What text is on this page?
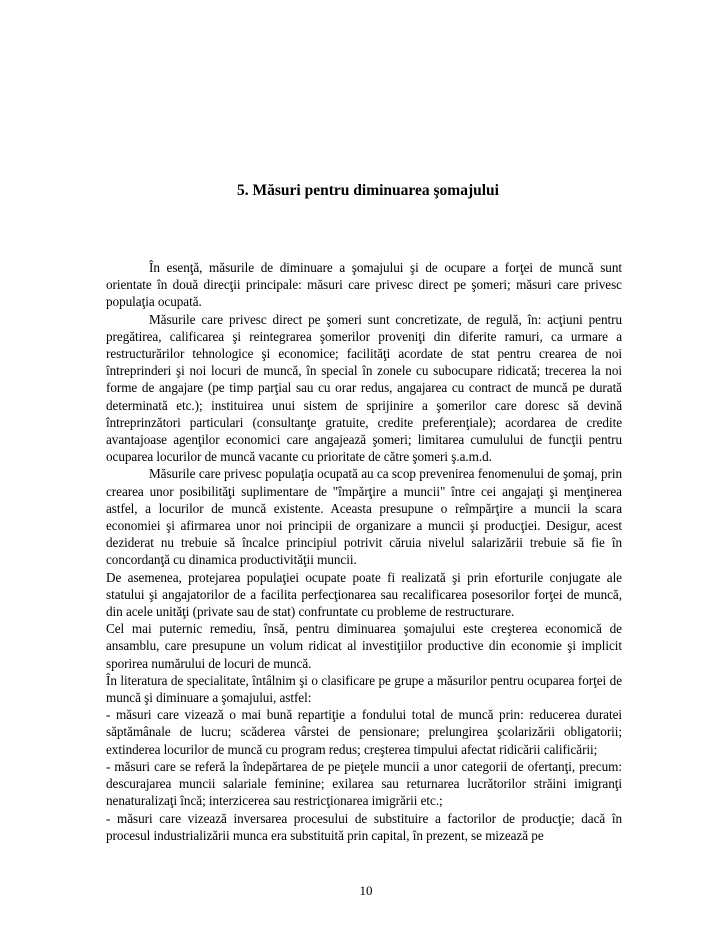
5. Măsuri pentru diminuarea şomajului

În esenţă, măsurile de diminuare a şomajului şi de ocupare a forţei de muncă sunt orientate în două direcţii principale: măsuri care privesc direct pe şomeri; măsuri care privesc populaţia ocupată.

Măsurile care privesc direct pe şomeri sunt concretizate, de regulă, în: acţiuni pentru pregătirea, calificarea şi reintegrarea şomerilor proveniţi din diferite ramuri, ca urmare a restructurărilor tehnologice şi economice; facilităţi acordate de stat pentru crearea de noi întreprinderi şi noi locuri de muncă, în special în zonele cu subocupare ridicată; trecerea la noi forme de angajare (pe timp parţial sau cu orar redus, angajarea cu contract de muncă pe durată determinată etc.); instituirea unui sistem de sprijinire a şomerilor care doresc să devină întreprinzători particulari (consultanţe gratuite, credite preferenţiale); acordarea de credite avantajoase agenţilor economici care angajează şomeri; limitarea cumulului de funcţii pentru ocuparea locurilor de muncă vacante cu prioritate de către şomeri ş.a.m.d.

Măsurile care privesc populaţia ocupată au ca scop prevenirea fenomenului de şomaj, prin crearea unor posibilităţi suplimentare de "împărţire a muncii" între cei angajaţi şi menţinerea astfel, a locurilor de muncă existente. Aceasta presupune o reîmpărţire a muncii la scara economiei şi afirmarea unor noi principii de organizare a muncii şi producţiei. Desigur, acest deziderat nu trebuie să încalce principiul potrivit căruia nivelul salarizării trebuie să fie în concordanţă cu dinamica productivităţii muncii.

De asemenea, protejarea populaţiei ocupate poate fi realizată şi prin eforturile conjugate ale statului şi angajatorilor de a facilita perfecţionarea sau recalificarea posesorilor forţei de muncă, din acele unităţi (private sau de stat) confruntate cu probleme de restructurare.

Cel mai puternic remediu, însă, pentru diminuarea şomajului este creşterea economică de ansamblu, care presupune un volum ridicat al investiţiilor productive din economie şi implicit sporirea numărului de locuri de muncă.

În literatura de specialitate, întâlnim şi o clasificare pe grupe a măsurilor pentru ocuparea forţei de muncă şi diminuare a şomajului, astfel:

- măsuri care vizează o mai bună repartiţie a fondului total de muncă prin: reducerea duratei săptămânale de lucru; scăderea vârstei de pensionare; prelungirea şcolarizării obligatorii; extinderea locurilor de muncă cu program redus; creşterea timpului afectat ridicării calificării;

- măsuri care se referă la îndepărtarea de pe pieţele muncii a unor categorii de ofertanţi, precum: descurajarea muncii salariale feminine; exilarea sau returnarea lucrătorilor străini imigranţi nenaturalizaţi încă; interzicerea sau restricţionarea imigrării etc.;

- măsuri care vizează inversarea procesului de substituire a factorilor de producţie; dacă în procesul industrializării munca era substituită prin capital, în prezent, se mizează pe

10
